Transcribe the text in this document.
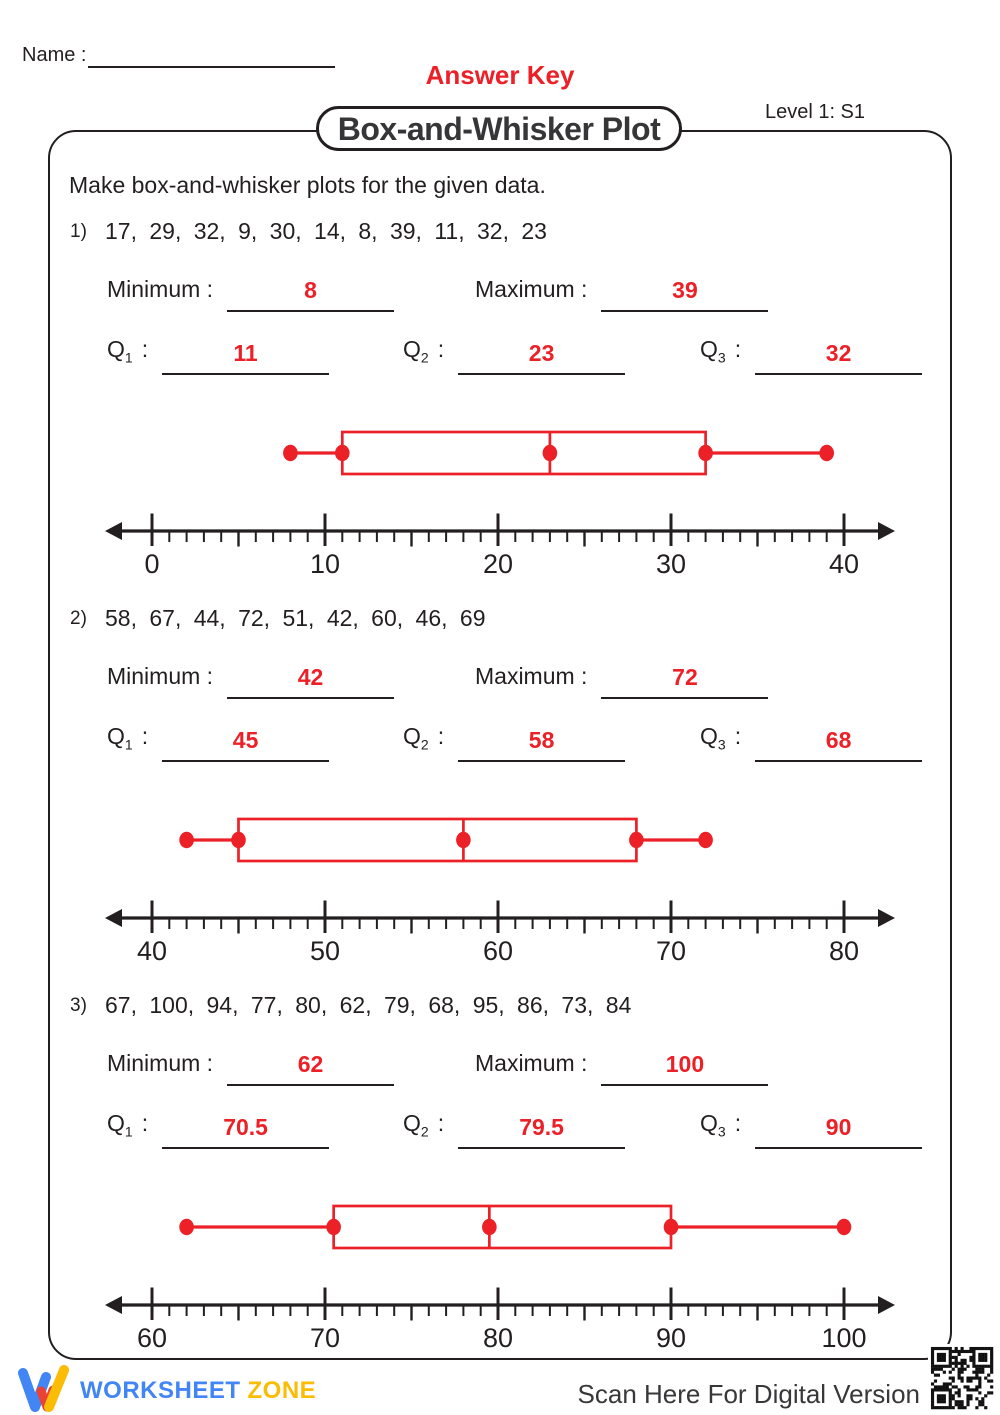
Name :
Answer Key
Box-and-Whisker Plot	Level 1: S1
Make box-and-whisker plots for the given data.
1) 17, 29, 32, 9, 30, 14, 8, 39, 11, 32, 23
Minimum :	8	Maximum :	39
$Q_1$ :	11	$Q_2$ :	23	$Q_3$ :	32
0	10	20	30	40
2) 58, 67, 44, 72, 51, 42, 60, 46, 69
Minimum :	42	Maximum :	72
$Q_1$ :	45	$Q_2$ :	58	$Q_3$ :	68
40	50	60	70	80
3) 67, 100, 94, 77, 80, 62, 79, 68, 95, 86, 73, 84
Minimum :	62	Maximum :	100
$Q_1$ :	70.5	$Q_2$ :	79.5	$Q_3$ :	90
60	70	80	90	100
WORKSHEET ZONE	Scan Here For Digital Version
